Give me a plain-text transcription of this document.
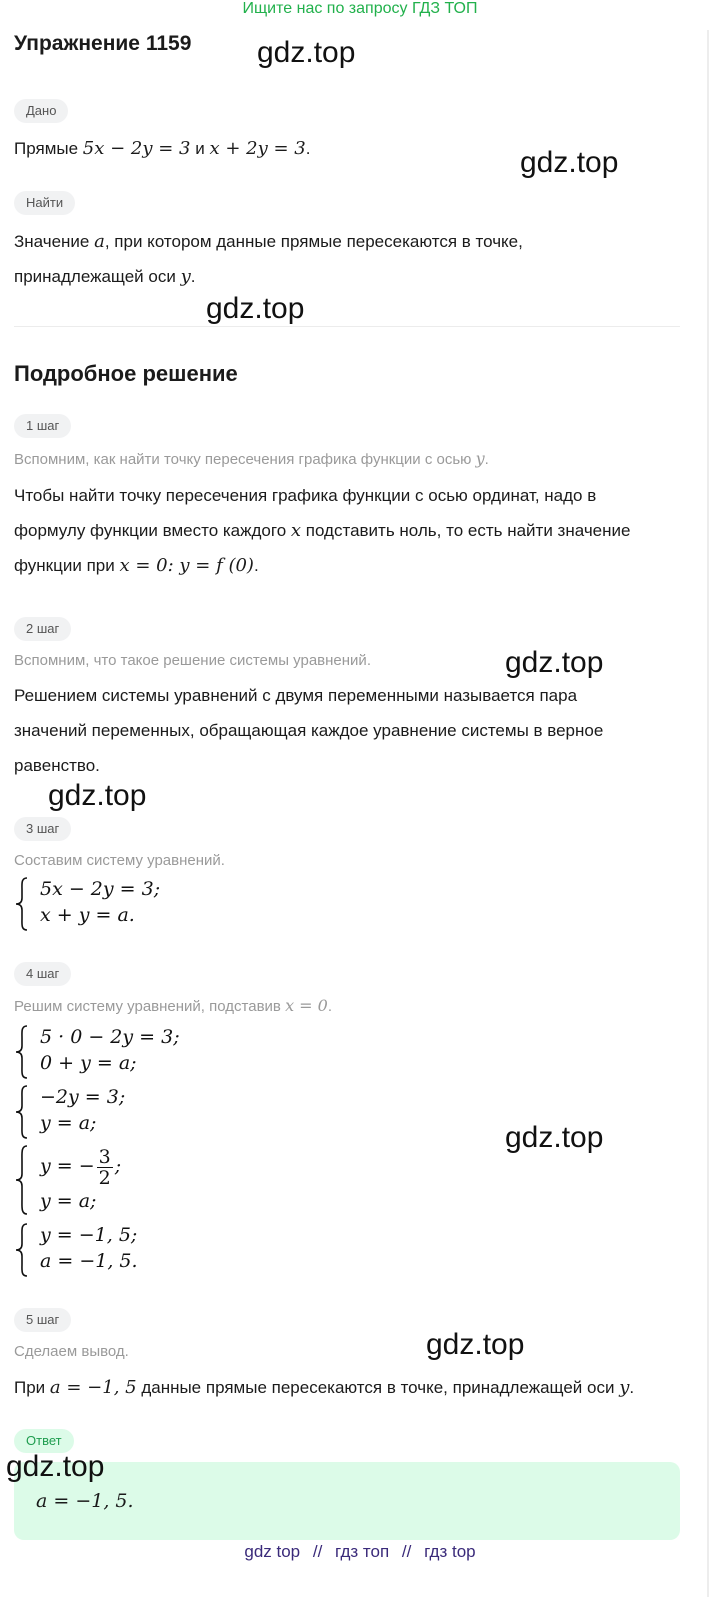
Ищите нас по запросу ГДЗ ТОП
Упражнение 1159 gdz.top
gdz.top
gdz.top
gdz.top
gdz.top
gdz.top
gdz.top
Дано
Прямые 5x − 2y = 3 и x + 2y = 3.
Найти
Значение a, при котором данные прямые пересекаются в точке,
принадлежащей оси y.
Подробное решение
1 шаг
Вспомним, как найти точку пересечения графика функции с осью y.
Чтобы найти точку пересечения графика функции с осью ординат, надо в
формулу функции вместо каждого x подставить ноль, то есть найти значение
функции при x = 0: y = f (0).
2 шаг
Вспомним, что такое решение системы уравнений.
Решением системы уравнений с двумя переменными называется пара
значений переменных, обращающая каждое уравнение системы в верное
равенство.
3 шаг
Составим систему уравнений.
5x − 2y = 3;
x + y = a.
4 шаг
Решим систему уравнений, подставив x = 0.
5 · 0 − 2y = 3;
0 + y = a;
−2y = 3;
y = a;
y = − $\frac{3}{2}$ ;
y = a;
y = −1, 5;
a = −1, 5.
5 шаг
Сделаем вывод.
При a = −1, 5 данные прямые пересекаются в точке, принадлежащей оси y.
Ответ
a = −1, 5.
gdz.top
gdz top // гдз топ // гдз top
